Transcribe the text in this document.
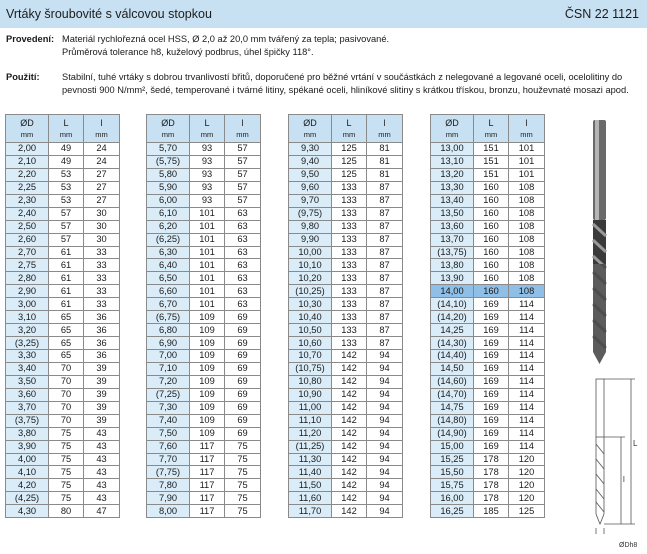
Vrtáky šroubovité s válcovou stopkou	ČSN 22 1121
Provedení: Materiál rychlořezná ocel HSS, Ø 2,0 až 20,0 mm tvářený za tepla; pasivované.
Průměrová tolerance h8, kuželový podbrus, úhel špičky 118°.
Použití: Stabilní, tuhé vrtáky s dobrou trvanlivostí břitů, doporučené pro běžné vrtání v součástkách z nelegované a legované oceli, ocelolitiny do
pevnosti 900 N/mm², šedé, temperované i tvárné litiny, spékané oceli, hliníkové slitiny s krátkou třískou, bronzu, houževnaté mosazi apod.
ØD
mm	L
mm	l
mm

2,00	49	24
2,10	49	24
2,20	53	27
2,25	53	27
2,30	53	27
2,40	57	30
2,50	57	30
2,60	57	30
2,70	61	33
2,75	61	33
2,80	61	33
2,90	61	33
3,00	61	33
3,10	65	36
3,20	65	36
(3,25)	65	36
3,30	65	36
3,40	70	39
3,50	70	39
3,60	70	39
3,70	70	39
(3,75)	70	39
3,80	75	43
3,90	75	43
4,00	75	43
4,10	75	43
4,20	75	43
(4,25)	75	43
4,30	80	47
ØD
mm	L
mm	l
mm

5,70	93	57
(5,75)	93	57
5,80	93	57
5,90	93	57
6,00	93	57
6,10	101	63
6,20	101	63
(6,25)	101	63
6,30	101	63
6,40	101	63
6,50	101	63
6,60	101	63
6,70	101	63
(6,75)	109	69
6,80	109	69
6,90	109	69
7,00	109	69
7,10	109	69
7,20	109	69
(7,25)	109	69
7,30	109	69
7,40	109	69
7,50	109	69
7,60	117	75
7,70	117	75
(7,75)	117	75
7,80	117	75
7,90	117	75
8,00	117	75
ØD
mm	L
mm	l
mm

9,30	125	81
9,40	125	81
9,50	125	81
9,60	133	87
9,70	133	87
(9,75)	133	87
9,80	133	87
9,90	133	87
10,00	133	87
10,10	133	87
10,20	133	87
(10,25)	133	87
10,30	133	87
10,40	133	87
10,50	133	87
10,60	133	87
10,70	142	94
(10,75)	142	94
10,80	142	94
10,90	142	94
11,00	142	94
11,10	142	94
11,20	142	94
(11,25)	142	94
11,30	142	94
11,40	142	94
11,50	142	94
11,60	142	94
11,70	142	94
ØD
mm	L
mm	l
mm

13,00	151	101
13,10	151	101
13,20	151	101
13,30	160	108
13,40	160	108
13,50	160	108
13,60	160	108
13,70	160	108
(13,75)	160	108
13,80	160	108
13,90	160	108
14,00	160	108
(14,10)	169	114
(14,20)	169	114
14,25	169	114
(14,30)	169	114
(14,40)	169	114
14,50	169	114
(14,60)	169	114
(14,70)	169	114
14,75	169	114
(14,80)	169	114
(14,90)	169	114
15,00	169	114
15,25	178	120
15,50	178	120
15,75	178	120
16,00	178	120
16,25	185	125
L
l
ØDh8
